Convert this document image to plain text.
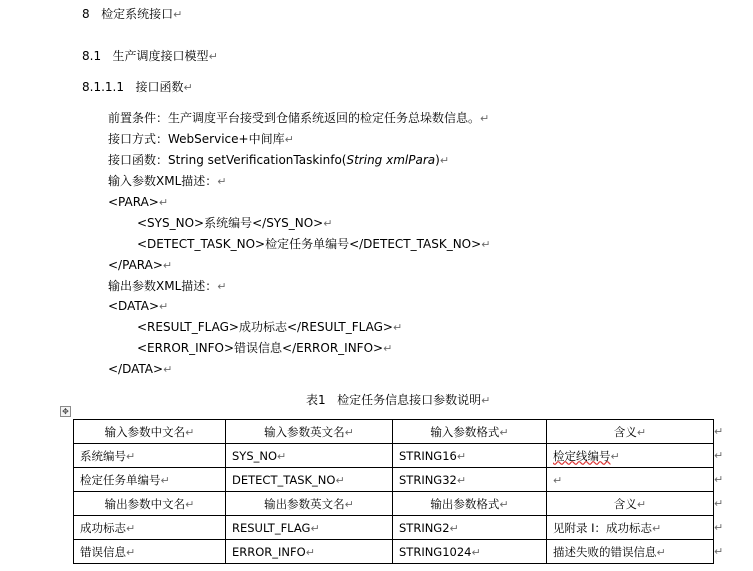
8 检定系统接口↵
8.1 生产调度接口模型↵
8.1.1.1 接口函数↵
前置条件：生产调度平台接受到仓储系统返回的检定任务总垛数信息。↵
接口方式：WebService+中间库↵
接口函数：String setVerificationTaskinfo(String xmlPara)↵
输入参数XML描述：↵
<PARA>↵
<SYS_NO>系统编号</SYS_NO>↵
<DETECT_TASK_NO>检定任务单编号</DETECT_TASK_NO>↵
</PARA>↵
输出参数XML描述：↵
<DATA>↵
<RESULT_FLAG>成功标志</RESULT_FLAG>↵
<ERROR_INFO>错误信息</ERROR_INFO>↵
</DATA>↵
表1   检定任务信息接口参数说明↵
✥
输入参数中文名↵	输入参数英文名↵	输入参数格式↵	含义↵
系统编号↵	SYS_NO↵	STRING16↵	检定线编号↵
检定任务单编号↵	DETECT_TASK_NO↵	STRING32↵	↵
输出参数中文名↵	输出参数英文名↵	输出参数格式↵	含义↵
成功标志↵	RESULT_FLAG↵	STRING2↵	见附录 I：成功标志↵
错误信息↵	ERROR_INFO↵	STRING1024↵	描述失败的错误信息↵
↵
↵
↵
↵
↵
↵
